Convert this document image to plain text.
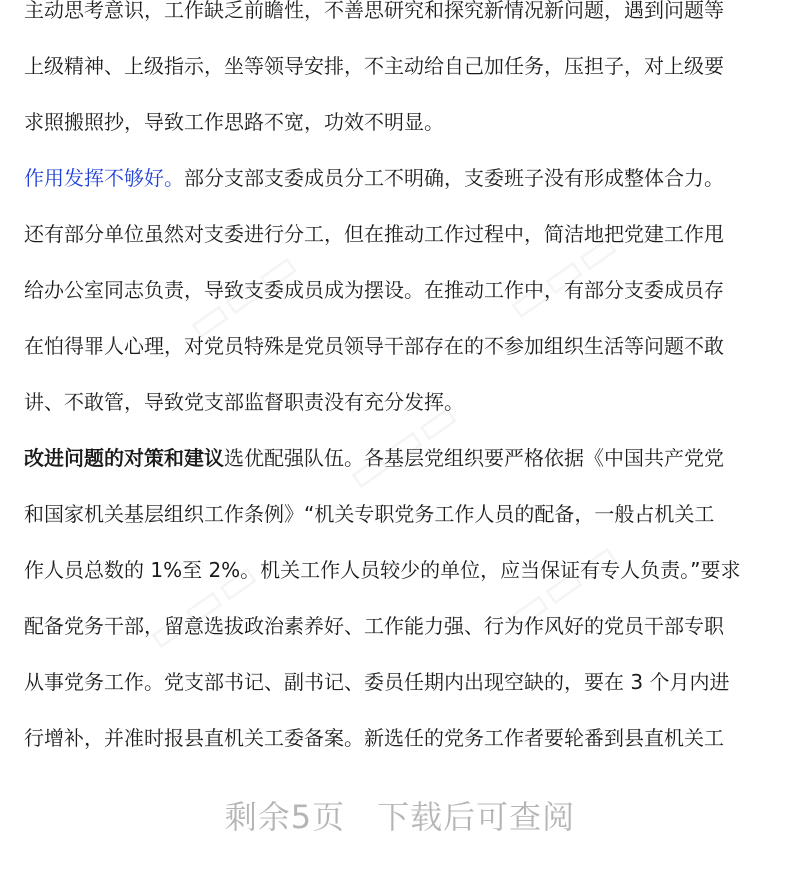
主动思考意识，工作缺乏前瞻性，不善思研究和探究新情况新问题，遇到问题等
上级精神、上级指示，坐等领导安排，不主动给自己加任务，压担子，对上级要
求照搬照抄，导致工作思路不宽，功效不明显。
作用发挥不够好。部分支部支委成员分工不明确，支委班子没有形成整体合力。
还有部分单位虽然对支委进行分工，但在推动工作过程中，简洁地把党建工作甩
给办公室同志负责，导致支委成员成为摆设。在推动工作中，有部分支委成员存
在怕得罪人心理，对党员特殊是党员领导干部存在的不参加组织生活等问题不敢
讲、不敢管，导致党支部监督职责没有充分发挥。
改进问题的对策和建议选优配强队伍。各基层党组织要严格依据《中国共产党党
和国家机关基层组织工作条例》“机关专职党务工作人员的配备，一般占机关工
作人员总数的 1%至 2%。机关工作人员较少的单位，应当保证有专人负责。”要求
配备党务干部，留意选拔政治素养好、工作能力强、行为作风好的党员干部专职
从事党务工作。党支部书记、副书记、委员任期内出现空缺的，要在 3 个月内进
行增补，并准时报县直机关工委备案。新选任的党务工作者要轮番到县直机关工
剩余5页 下载后可查阅
